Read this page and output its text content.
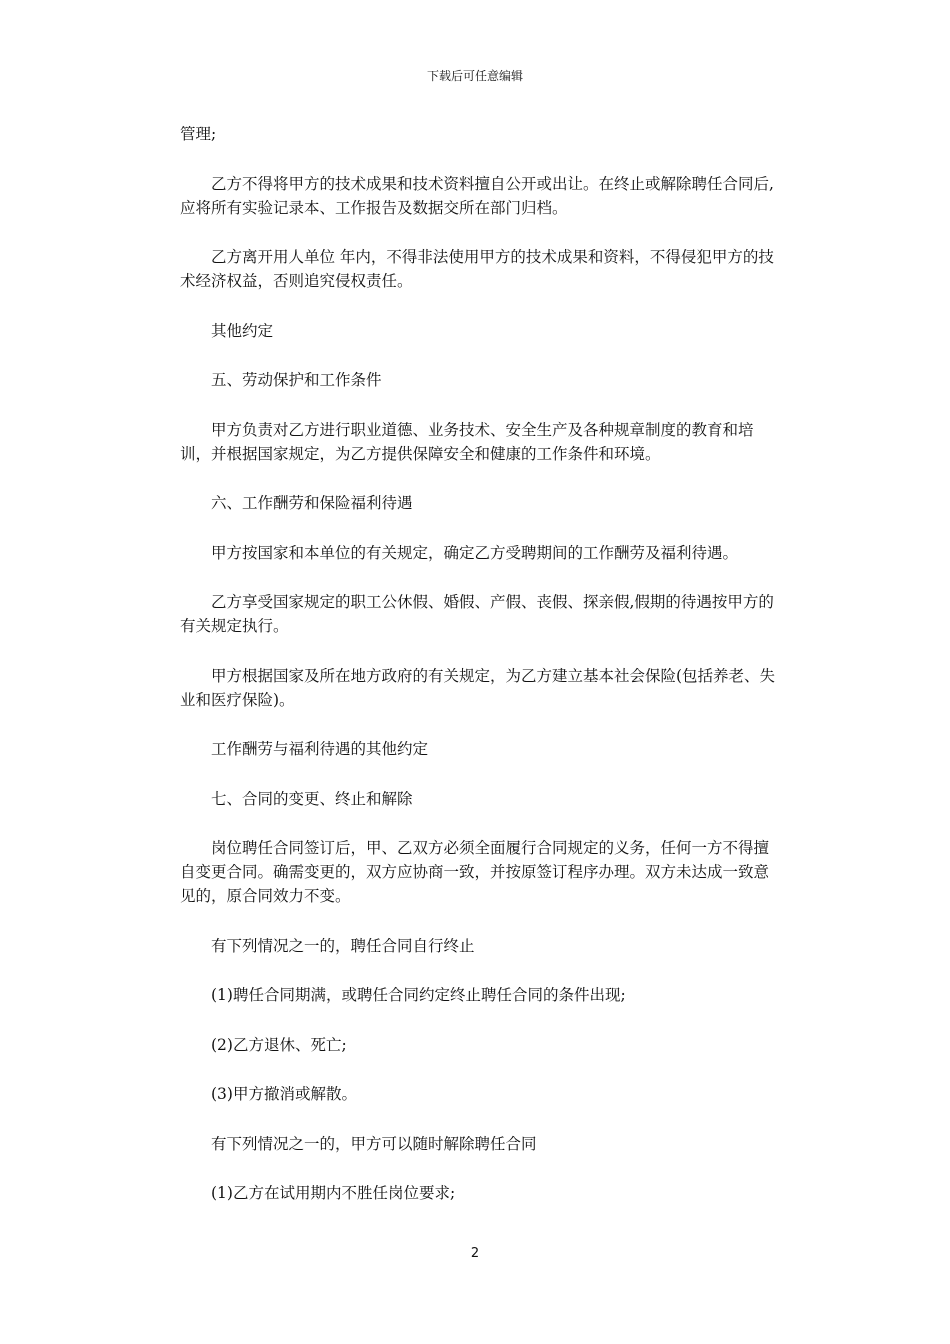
下载后可任意编辑

管理;

乙方不得将甲方的技术成果和技术资料擅自公开或出让。在终止或解除聘任合同后,应将所有实验记录本、工作报告及数据交所在部门归档。

乙方离开用人单位 年内，不得非法使用甲方的技术成果和资料，不得侵犯甲方的技术经济权益，否则追究侵权责任。

其他约定

五、劳动保护和工作条件

甲方负责对乙方进行职业道德、业务技术、安全生产及各种规章制度的教育和培训，并根据国家规定，为乙方提供保障安全和健康的工作条件和环境。

六、工作酬劳和保险福利待遇

甲方按国家和本单位的有关规定，确定乙方受聘期间的工作酬劳及福利待遇。

乙方享受国家规定的职工公休假、婚假、产假、丧假、探亲假,假期的待遇按甲方的有关规定执行。

甲方根据国家及所在地方政府的有关规定，为乙方建立基本社会保险(包括养老、失业和医疗保险)。

工作酬劳与福利待遇的其他约定

七、合同的变更、终止和解除

岗位聘任合同签订后，甲、乙双方必须全面履行合同规定的义务，任何一方不得擅自变更合同。确需变更的，双方应协商一致，并按原签订程序办理。双方未达成一致意见的，原合同效力不变。

有下列情况之一的，聘任合同自行终止

(1)聘任合同期满，或聘任合同约定终止聘任合同的条件出现;

(2)乙方退休、死亡;

(3)甲方撤消或解散。

有下列情况之一的，甲方可以随时解除聘任合同

(1)乙方在试用期内不胜任岗位要求;

2
